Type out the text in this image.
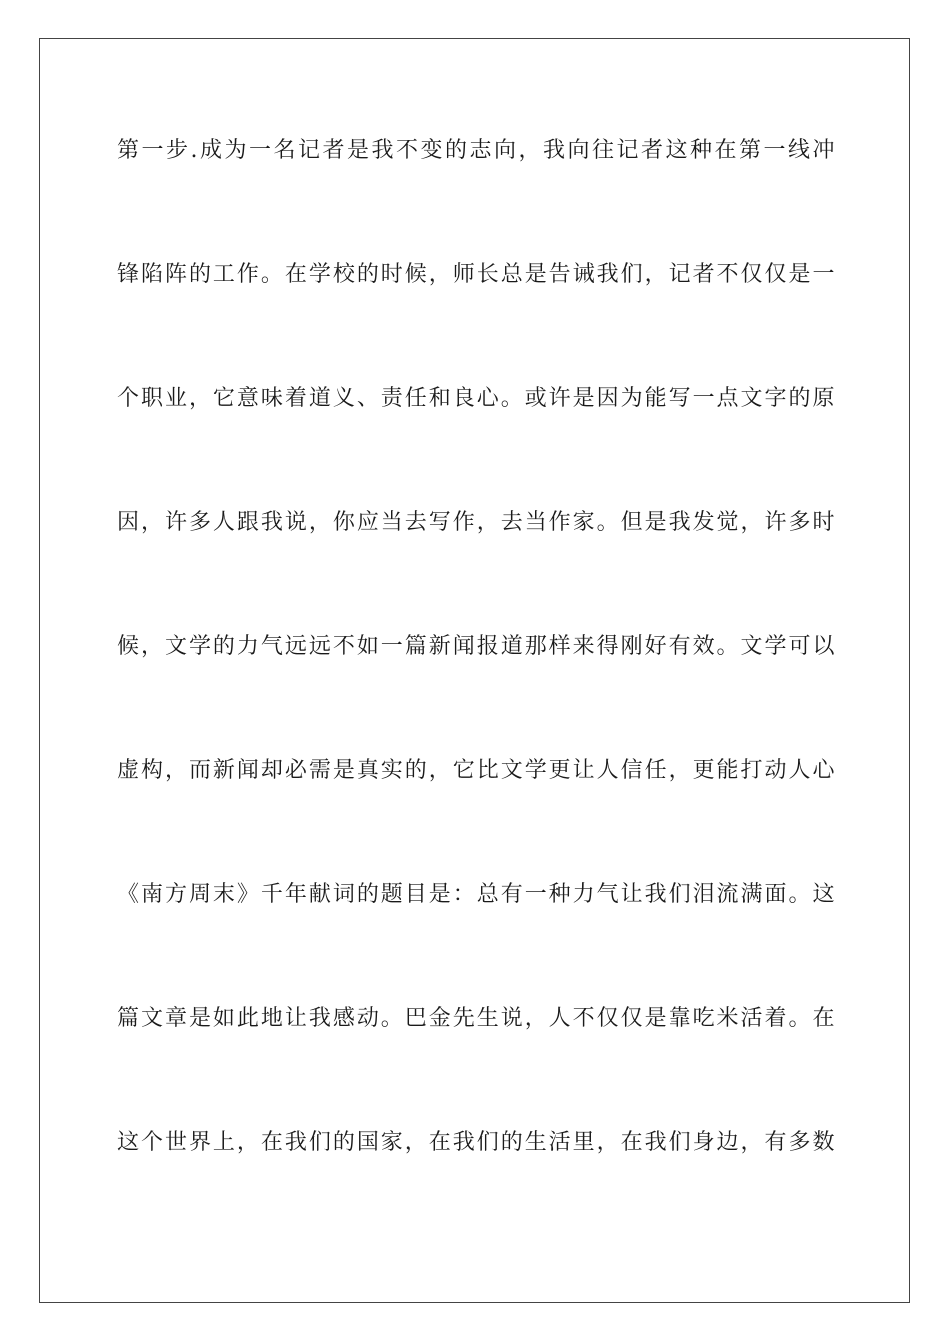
第一步.成为一名记者是我不变的志向，我向往记者这种在第一线冲
锋陷阵的工作。在学校的时候，师长总是告诫我们，记者不仅仅是一
个职业，它意味着道义、责任和良心。或许是因为能写一点文字的原
因，许多人跟我说，你应当去写作，去当作家。但是我发觉，许多时
候，文学的力气远远不如一篇新闻报道那样来得刚好有效。文学可以
虚构，而新闻却必需是真实的，它比文学更让人信任，更能打动人心
《南方周末》千年献词的题目是：总有一种力气让我们泪流满面。这
篇文章是如此地让我感动。巴金先生说，人不仅仅是靠吃米活着。在
这个世界上，在我们的国家，在我们的生活里，在我们身边，有多数
